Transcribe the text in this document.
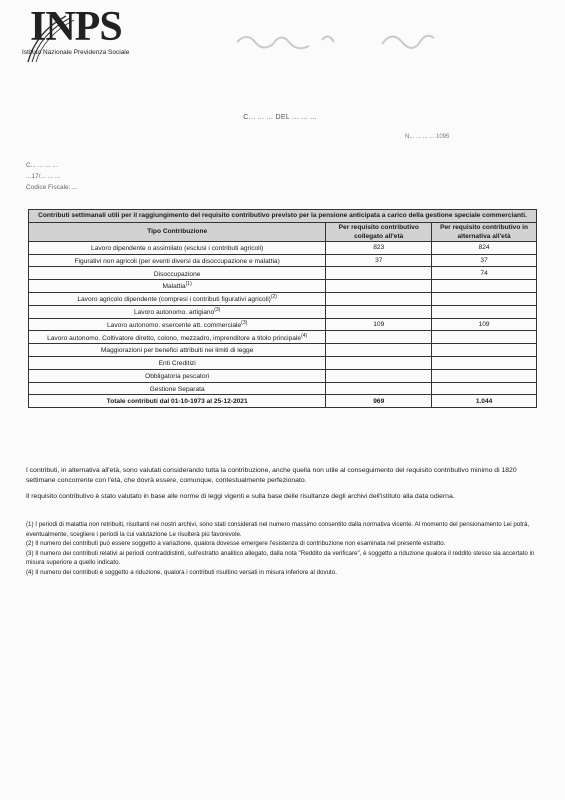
INPS
Istituto Nazionale Previdenza Sociale
C... ... ... DEL ... ... ...
N... ... ... ... 1095
C... ... ... ...
...17/... ... ...
Codice Fiscale: ...
Contributi settimanali utili per il raggiungimento del requisito contributivo previsto per la pensione anticipata a carico della gestione speciale commercianti.		
Tipo Contribuzione	Per requisito contributivo collegato all'età	Per requisito contributivo in alternativa all'età
Lavoro dipendente o assimilato (esclusi i contributi agricoli)	823	824
Figurativi non agricoli (per eventi diversi da disoccupazione e malattia)	37	37
Disoccupazione		74
Malattia$^{(1)}$		
Lavoro agricolo dipendente (compresi i contributi figurativi agricoli)$^{(2)}$		
Lavoro autonomo. artigiano$^{(3)}$		
Lavoro autonomo. esercente att. commerciale$^{(3)}$	109	109
Lavoro autonomo. Coltivatore diretto, colono, mezzadro, imprenditore a titolo principale$^{(4)}$		
Maggiorazioni per benefici attribuiti nei limiti di legge		
Enti Creditizi		
Obbligatoria pescatori		
Gestione Separata		
Totale contributi dal 01-10-1973 al 25-12-2021	969	1.044
I contributi, in alternativa all'età, sono valutati considerando tutta la contribuzione, anche quella non utile al conseguimento del requisito contributivo minimo di 1820 settimane concorrente con l'età, che dovrà essere, comunque, contestualmente perfezionato.
Il requisito contributivo è stato valutato in base alle norme di leggi vigenti e sulla base delle risultanze degli archivi dell'istituto alla data odierna.
(1) I periodi di malattia non retribuiti, risultanti nei nostri archivi, sono stati considerati nel numero massimo consentito dalla normativa vicente. Al momento del pensionamento Lei potrà, eventualmente, scegliere i periodi la cui valutazione Le risulterà più favorevole.
(2) Il numero dei contributi può essere soggetto a variazione, qualora dovesse emergere l'esistenza di contribuzione non esaminata nel presente estratto.
(3) Il numero dei contributi relativi ai periodi contraddistinti, sull'estratto analitico allegato, dalla nota "Reddito da verificare", è soggetto a riduzione qualora il reddito stesso sia accertato in misura superiore a quello indicato.
(4) Il numero dei contributi è soggetto a riduzione, qualora i contributi risultino versati in misura inferiore al dovuto.
